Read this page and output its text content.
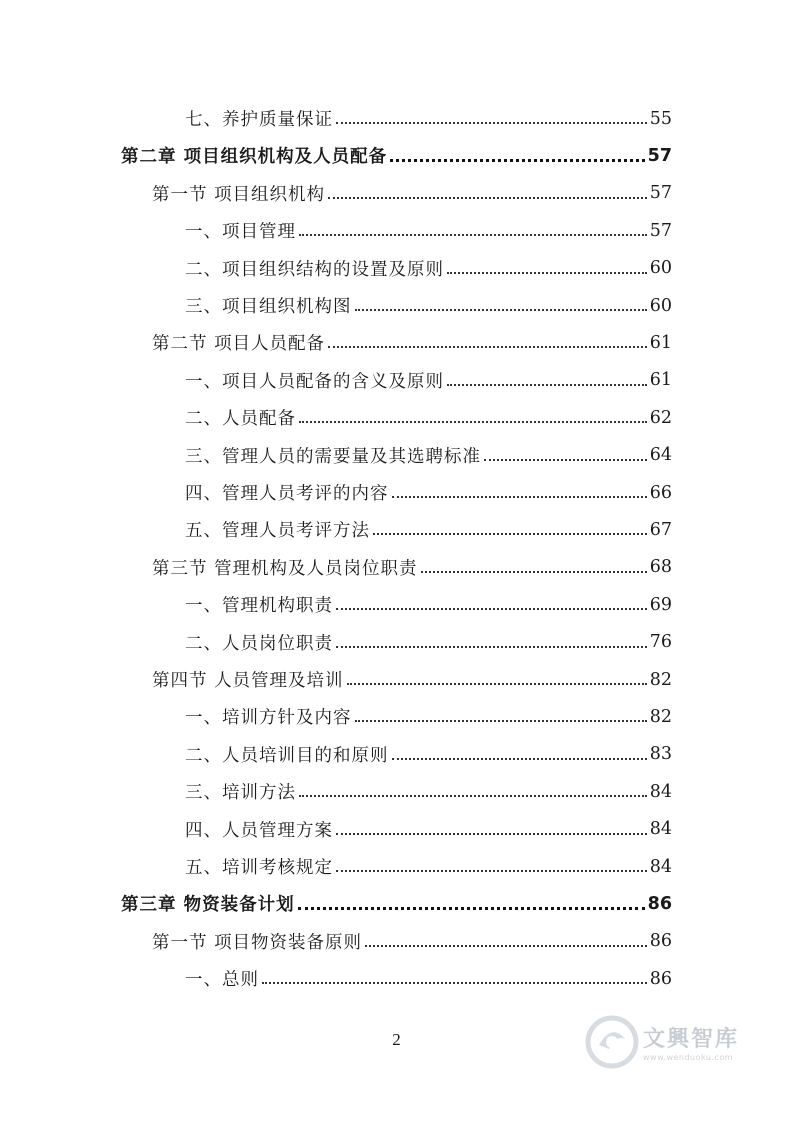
七、养护质量保证	55
第二章 项目组织机构及人员配备	57
第一节 项目组织机构	57
一、项目管理	57
二、项目组织结构的设置及原则	60
三、项目组织机构图	60
第二节 项目人员配备	61
一、项目人员配备的含义及原则	61
二、人员配备	62
三、管理人员的需要量及其选聘标准	64
四、管理人员考评的内容	66
五、管理人员考评方法	67
第三节 管理机构及人员岗位职责	68
一、管理机构职责	69
二、人员岗位职责	76
第四节 人员管理及培训	82
一、培训方针及内容	82
二、人员培训目的和原则	83
三、培训方法	84
四、人员管理方案	84
五、培训考核规定	84
第三章 物资装备计划	86
第一节 项目物资装备原则	86
一、总则	86
2	文興智库
www.wenduoku.com
